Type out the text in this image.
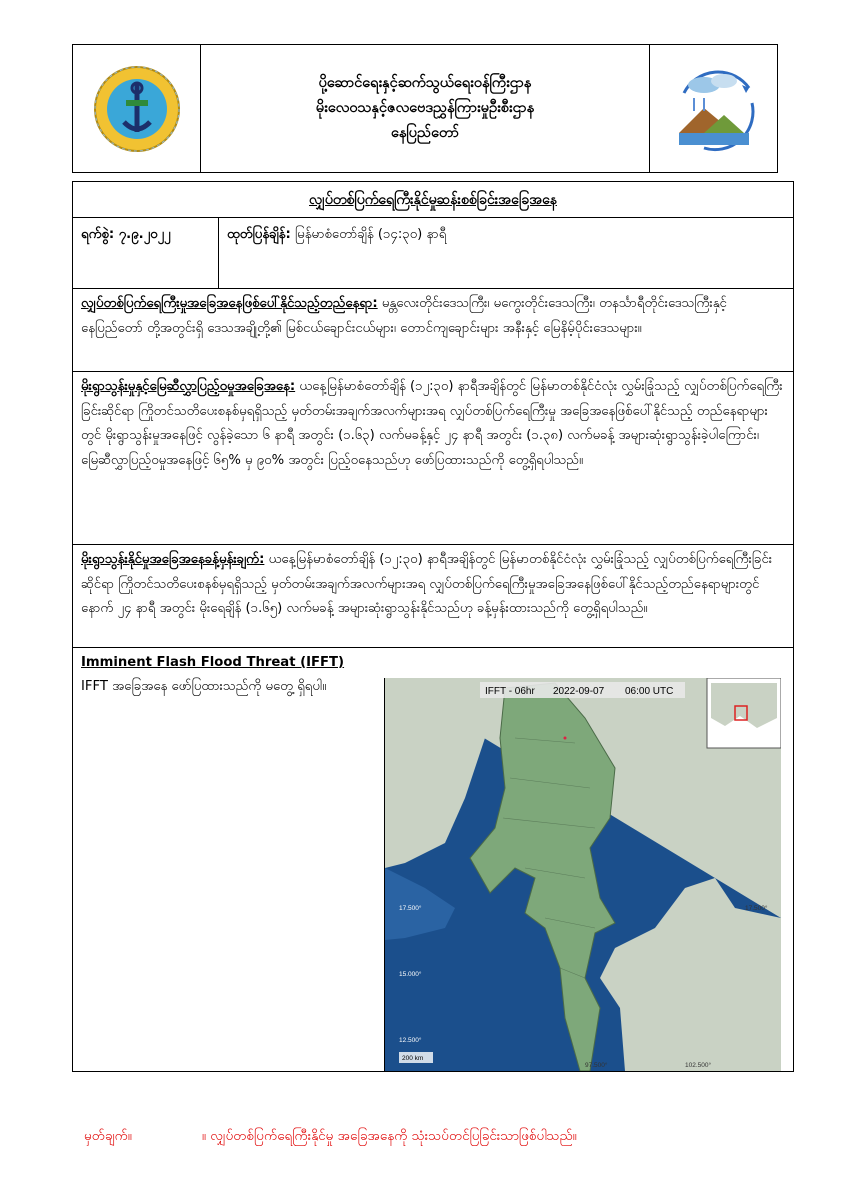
ပို့ဆောင်ရေးနှင့်ဆက်သွယ်ရေးဝန်ကြီးဌာန
မိုးလေဝသနှင့်ဇလဗေဒညွှန်ကြားမှုဦးစီးဌာန
နေပြည်တော်
လျှပ်တစ်ပြက်ရေကြီးနိုင်မှုဆန်းစစ်ခြင်းအခြေအနေ
ရက်စွဲ: ၇.၉.၂၀၂၂	ထုတ်ပြန်ချိန်: မြန်မာစံတော်ချိန် (၁၄:၃၀) နာရီ
လျှပ်တစ်ပြက်ရေကြီးမှုအခြေအနေဖြစ်ပေါ်နိုင်သည့်တည်နေရာ: မန္တလေးတိုင်းဒေသကြီး၊ မကွေးတိုင်းဒေသကြီး၊ တနင်္သာရီတိုင်းဒေသကြီးနှင့် နေပြည်တော် တို့အတွင်းရှိ ဒေသအချို့တို့၏ မြစ်ငယ်ချောင်းငယ်များ၊ တောင်ကျချောင်းများ အနီးနှင့် မြေနိမ့်ပိုင်းဒေသများ။
မိုးရွာသွန်းမှုနှင့်မြေဆီလွှာပြည့်ဝမှုအခြေအနေ: ယနေ့မြန်မာစံတော်ချိန် (၁၂:၃၀) နာရီအချိန်တွင် မြန်မာတစ်နိုင်ငံလုံး လွှမ်းခြုံသည့် လျှပ်တစ်ပြက်ရေကြီးခြင်းဆိုင်ရာ ကြိုတင်သတိပေးစနစ်မှရရှိသည့် မှတ်တမ်းအချက်အလက်များအရ လျှပ်တစ်ပြက်ရေကြီးမှု အခြေအနေဖြစ်ပေါ်နိုင်သည့် တည်နေရာများတွင် မိုးရွာသွန်းမှုအနေဖြင့် လွန်ခဲ့သော ၆ နာရီ အတွင်း (၁.၆၃) လက်မခန့်နှင့် ၂၄ နာရီ အတွင်း (၁.၃၈) လက်မခန့် အများဆုံးရွာသွန်းခဲ့ပါကြောင်း၊ မြေဆီလွှာပြည့်ဝမှုအနေဖြင့် ၆၅% မှ ၉၀% အတွင်း ပြည့်ဝနေသည်ဟု ဖော်ပြထားသည်ကို တွေ့ရှိရပါသည်။
မိုးရွာသွန်းနိုင်မှုအခြေအနေခန့်မှန်းချက်: ယနေ့မြန်မာစံတော်ချိန် (၁၂:၃၀) နာရီအချိန်တွင် မြန်မာတစ်နိုင်ငံလုံး လွှမ်းခြုံသည့် လျှပ်တစ်ပြက်ရေကြီးခြင်းဆိုင်ရာ ကြိုတင်သတိပေးစနစ်မှရရှိသည့် မှတ်တမ်းအချက်အလက်များအရ လျှပ်တစ်ပြက်ရေကြီးမှုအခြေအနေဖြစ်ပေါ်နိုင်သည့်တည်နေရာများတွင် နောက် ၂၄ နာရီ အတွင်း မိုးရေချိန် (၁.၆၅) လက်မခန့် အများဆုံးရွာသွန်းနိုင်သည်ဟု ခန့်မှန်းထားသည်ကို တွေ့ရှိရပါသည်။
Imminent Flash Flood Threat (IFFT)
IFFT အခြေအနေ ဖော်ပြထားသည်ကို မတွေ့ ရှိရပါ။	IFFT - 06hr 2022-09-07 06:00 UTC
17.500°
15.000°
12.500°
17.500°
97.500°	102.500°
200 km
မှတ်ချက်။	။ လျှပ်တစ်ပြက်ရေကြီးနိုင်မှု အခြေအနေကို သုံးသပ်တင်ပြခြင်းသာဖြစ်ပါသည်။
